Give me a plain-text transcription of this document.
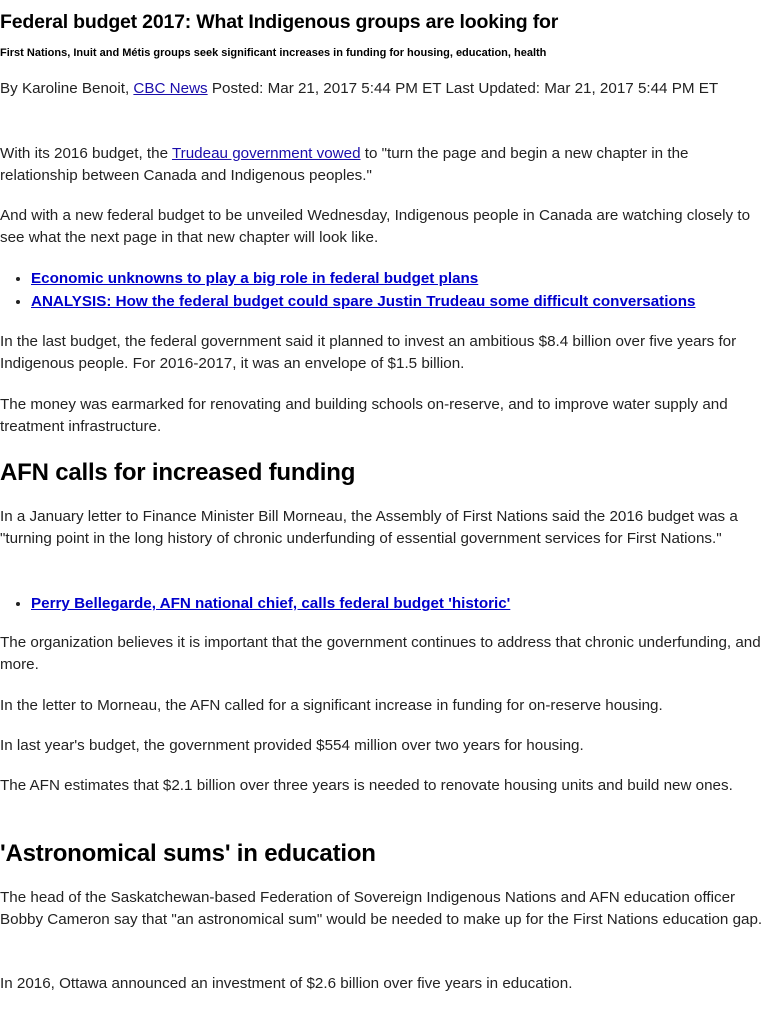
Federal budget 2017: What Indigenous groups are looking for
First Nations, Inuit and Métis groups seek significant increases in funding for housing, education, health

By Karoline Benoit, CBC News Posted: Mar 21, 2017 5:44 PM ET Last Updated: Mar 21, 2017 5:44 PM ET

With its 2016 budget, the Trudeau government vowed to "turn the page and begin a new chapter in the relationship between Canada and Indigenous peoples."

And with a new federal budget to be unveiled Wednesday, Indigenous people in Canada are watching closely to see what the next page in that new chapter will look like.

• Economic unknowns to play a big role in federal budget plans
• ANALYSIS: How the federal budget could spare Justin Trudeau some difficult conversations

In the last budget, the federal government said it planned to invest an ambitious $8.4 billion over five years for Indigenous people. For 2016-2017, it was an envelope of $1.5 billion.

The money was earmarked for renovating and building schools on-reserve, and to improve water supply and treatment infrastructure.

AFN calls for increased funding

In a January letter to Finance Minister Bill Morneau, the Assembly of First Nations said the 2016 budget was a "turning point in the long history of chronic underfunding of essential government services for First Nations."

• Perry Bellegarde, AFN national chief, calls federal budget 'historic'

The organization believes it is important that the government continues to address that chronic underfunding, and more.

In the letter to Morneau, the AFN called for a significant increase in funding for on-reserve housing.

In last year's budget, the government provided $554 million over two years for housing.

The AFN estimates that $2.1 billion over three years is needed to renovate housing units and build new ones.

'Astronomical sums' in education

The head of the Saskatchewan-based Federation of Sovereign Indigenous Nations and AFN education officer Bobby Cameron say that "an astronomical sum" would be needed to make up for the First Nations education gap.

In 2016, Ottawa announced an investment of $2.6 billion over five years in education.
